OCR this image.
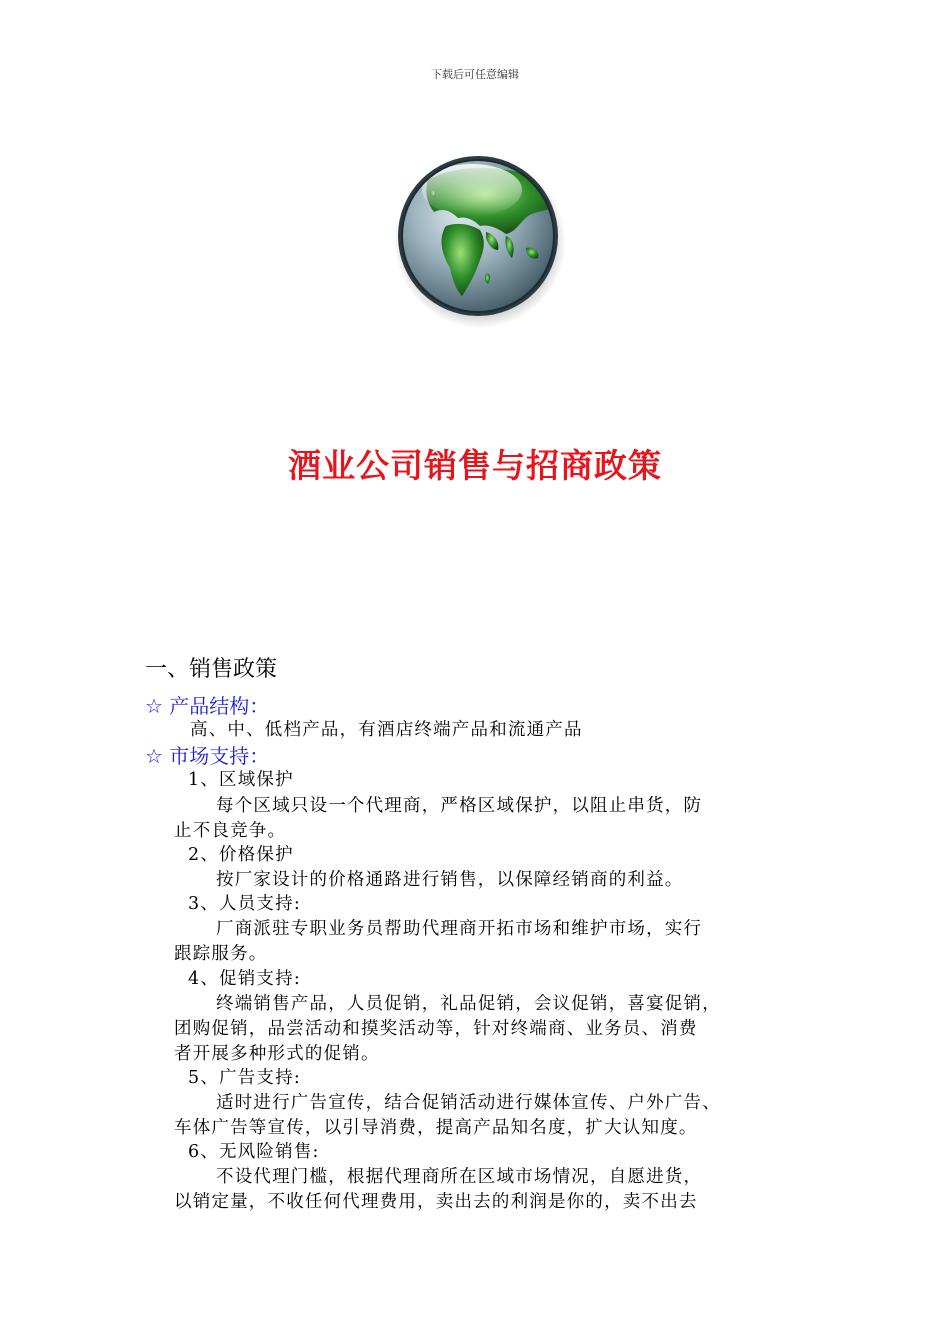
下载后可任意编辑
酒业公司销售与招商政策
一、销售政策
☆ 产品结构：
高、中、低档产品，有酒店终端产品和流通产品
☆ 市场支持：
1、区域保护
每个区域只设一个代理商，严格区域保护，以阻止串货，防
止不良竞争。
2、价格保护
按厂家设计的价格通路进行销售，以保障经销商的利益。
3、人员支持:
厂商派驻专职业务员帮助代理商开拓市场和维护市场，实行
跟踪服务。
4、促销支持:
终端销售产品，人员促销，礼品促销，会议促销，喜宴促销，
团购促销，品尝活动和摸奖活动等，针对终端商、业务员、消费
者开展多种形式的促销。
5、广告支持:
适时进行广告宣传，结合促销活动进行媒体宣传、户外广告、
车体广告等宣传，以引导消费，提高产品知名度，扩大认知度。
6、无风险销售:
不设代理门槛，根据代理商所在区域市场情况，自愿进货，
以销定量，不收任何代理费用，卖出去的利润是你的，卖不出去
